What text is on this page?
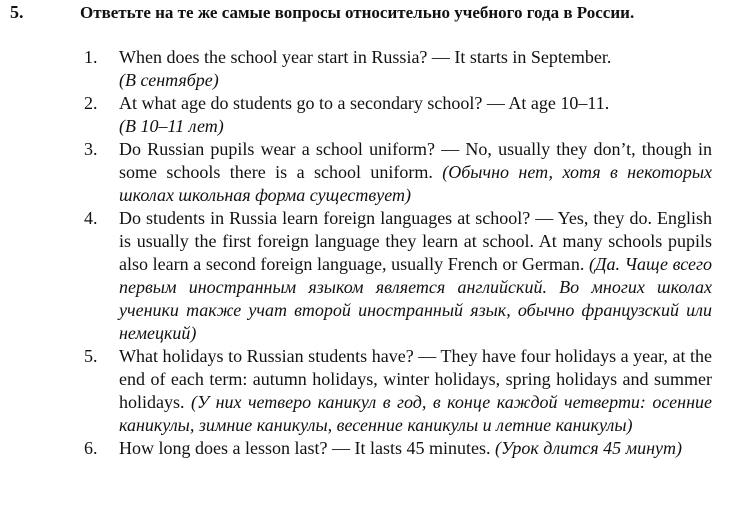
5.	Ответьте на те же самые вопросы относительно учебного года в России.
1. When does the school year start in Russia? — It starts in September.
(В сентябре)
2. At what age do students go to a secondary school? — At age 10–11.
(В 10–11 лет)
3. Do Russian pupils wear a school uniform? — No, usually they don’t, though in some schools there is a school uniform. (Обычно нет, хотя в некоторых школах школьная форма существует)
4. Do students in Russia learn foreign languages at school? — Yes, they do. English is usually the first foreign language they learn at school. At many schools pupils also learn a second foreign language, usually French or German. (Да. Чаще всего первым иностранным языком является английский. Во многих школах ученики также учат второй иностранный язык, обычно французский или немецкий)
5. What holidays to Russian students have? — They have four holidays a year, at the end of each term: autumn holidays, winter holidays, spring holidays and summer holidays. (У них четверо каникул в год, в конце каждой четверти: осенние каникулы, зимние каникулы, весенние каникулы и летние каникулы)
6. How long does a lesson last? — It lasts 45 minutes. (Урок длится 45 минут)
